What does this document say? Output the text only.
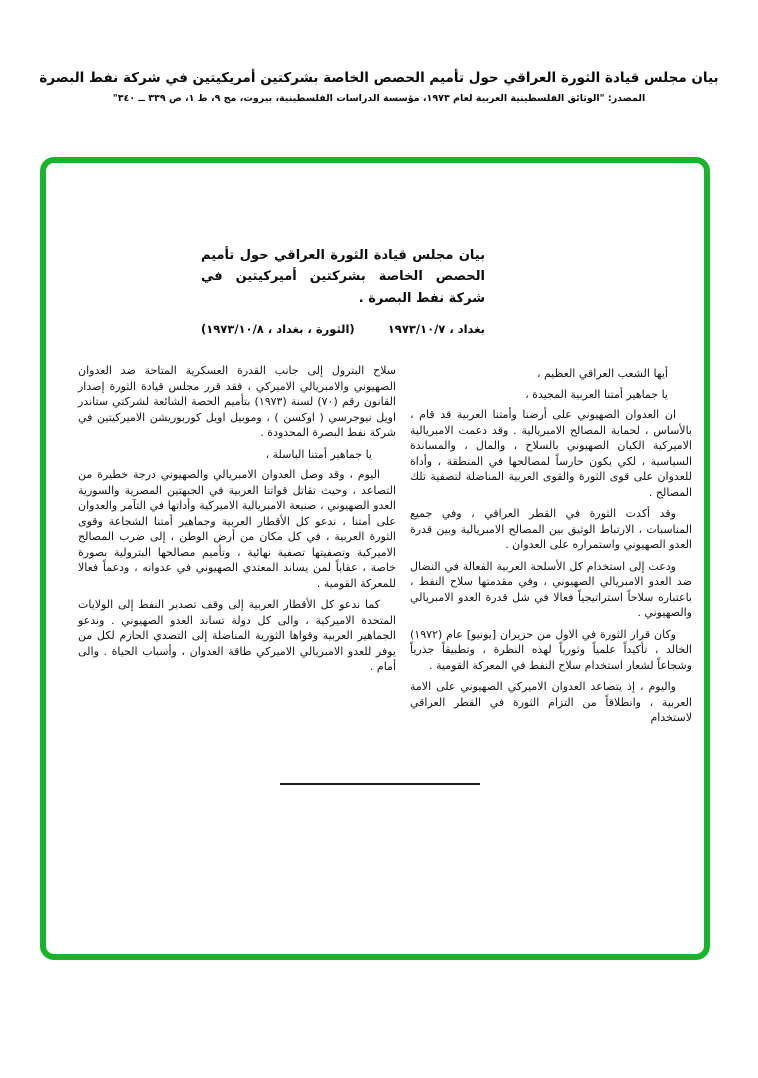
بيان مجلس قيادة الثورة العراقي حول تأميم الحصص الخاصة بشركتين أمريكيتين في شركة نفط البصرة
المصدر: "الوثائق الفلسطينية العربية لعام ١٩٧٣، مؤسسة الدراسات الفلسطينية، بيروت، مج ٩، ط ١، ص ٣٣٩ ــ ٣٤٠"
بيان مجلس قيادة الثورة العراقي حول تأميم الحصص الخاصة بشركتين أميركيتين في شركة نفط البصرة .
بغداد ، ١٩٧٣/١٠/٧
(الثورة ، بغداد ، ١٩٧٣/١٠/٨)

أيها الشعب العراقي العظيم ،

يا جماهير أمتنا العربية المجيدة ،

ان العدوان الصهيوني على أرضنا وأمتنا العربية قد قام ، بالأساس ، لحماية المصالح الامبريالية . وقد دعمت الامبريالية الاميركية الكيان الصهيوني بالسلاح ، والمال ، والمساندة السياسية ، لكي يكون حارساً لمصالحها في المنطقة ، وأداة للعدوان على قوى الثورة والقوى العربية المناضلة لتصفية تلك المصالح .

وقد أكدت الثورة في القطر العراقي ، وفي جميع المناسبات ، الارتباط الوثيق بين المصالح الامبريالية وبين قدرة العدو الصهيوني واستمراره على العدوان .

ودعت إلى استخدام كل الأسلحة العربية الفعالة في النضال ضد العدو الامبريالي الصهيوني ، وفي مقدمتها سلاح النفط ، باعتباره سلاحاً استراتيجياً فعالا في شل قدرة العدو الامبريالي والصهيوني .

وكان قرار الثورة في الاول من حزيران [يونيو] عام (١٩٧٢) الخالد ، تأكيداً علمياً وثورياً لهذه النظرة ، وتطبيقاً جذرياً وشجاعاً لشعار استخدام سلاح النفط في المعركة القومية .

واليوم ، إذ يتصاعد العدوان الاميركي الصهيوني على الامة العربية ، وانطلاقاً من التزام الثورة في القطر العراقي لاستخدام

سلاح البترول إلى جانب القدرة العسكرية المتاحة ضد العدوان الصهيوني والامبريالي الاميركي ، فقد قرر مجلس قيادة الثورة إصدار القانون رقم (٧٠) لسنة (١٩٧٣) بتأميم الحصة الشائعة لشركتي ستاندر اويل نيوجرسي ( اوكسن ) ، وموبيل اويل كوربوريشن الاميركيتين في شركة نفط البصرة المحدودة .

يا جماهير أمتنا الباسلة ،

اليوم ، وقد وصل العدوان الامبريالي والصهيوني درجة خطيرة من التصاعد ، وحيث تقاتل قواتنا العربية في الجبهتين المصرية والسورية العدو الصهيوني ، صنيعة الامبريالية الاميركية وأداتها في التآمر والعدوان على أمتنا ، ندعو كل الأقطار العربية وجماهير أمتنا الشجاعة وقوى الثورة العربية ، في كل مكان من أرض الوطن ، إلى ضرب المصالح الاميركية وتصفيتها تصفية نهائية ، وتأميم مصالحها البترولية بصورة خاصة ، عقاباً لمن يساند المعتدي الصهيوني في عدوانه ، ودعماً فعالا للمعركة القومية .

كما ندعو كل الأقطار العربية إلى وقف تصدير النفط إلى الولايات المتحدة الاميركية ، والى كل دولة تساند العدو الصهيوني . وندعو الجماهير العربية وقواها الثورية المناضلة إلى التصدي الحازم لكل من يوفر للعدو الامبريالي الاميركي طاقة العدوان ، وأسباب الحياة . والى أمام .
